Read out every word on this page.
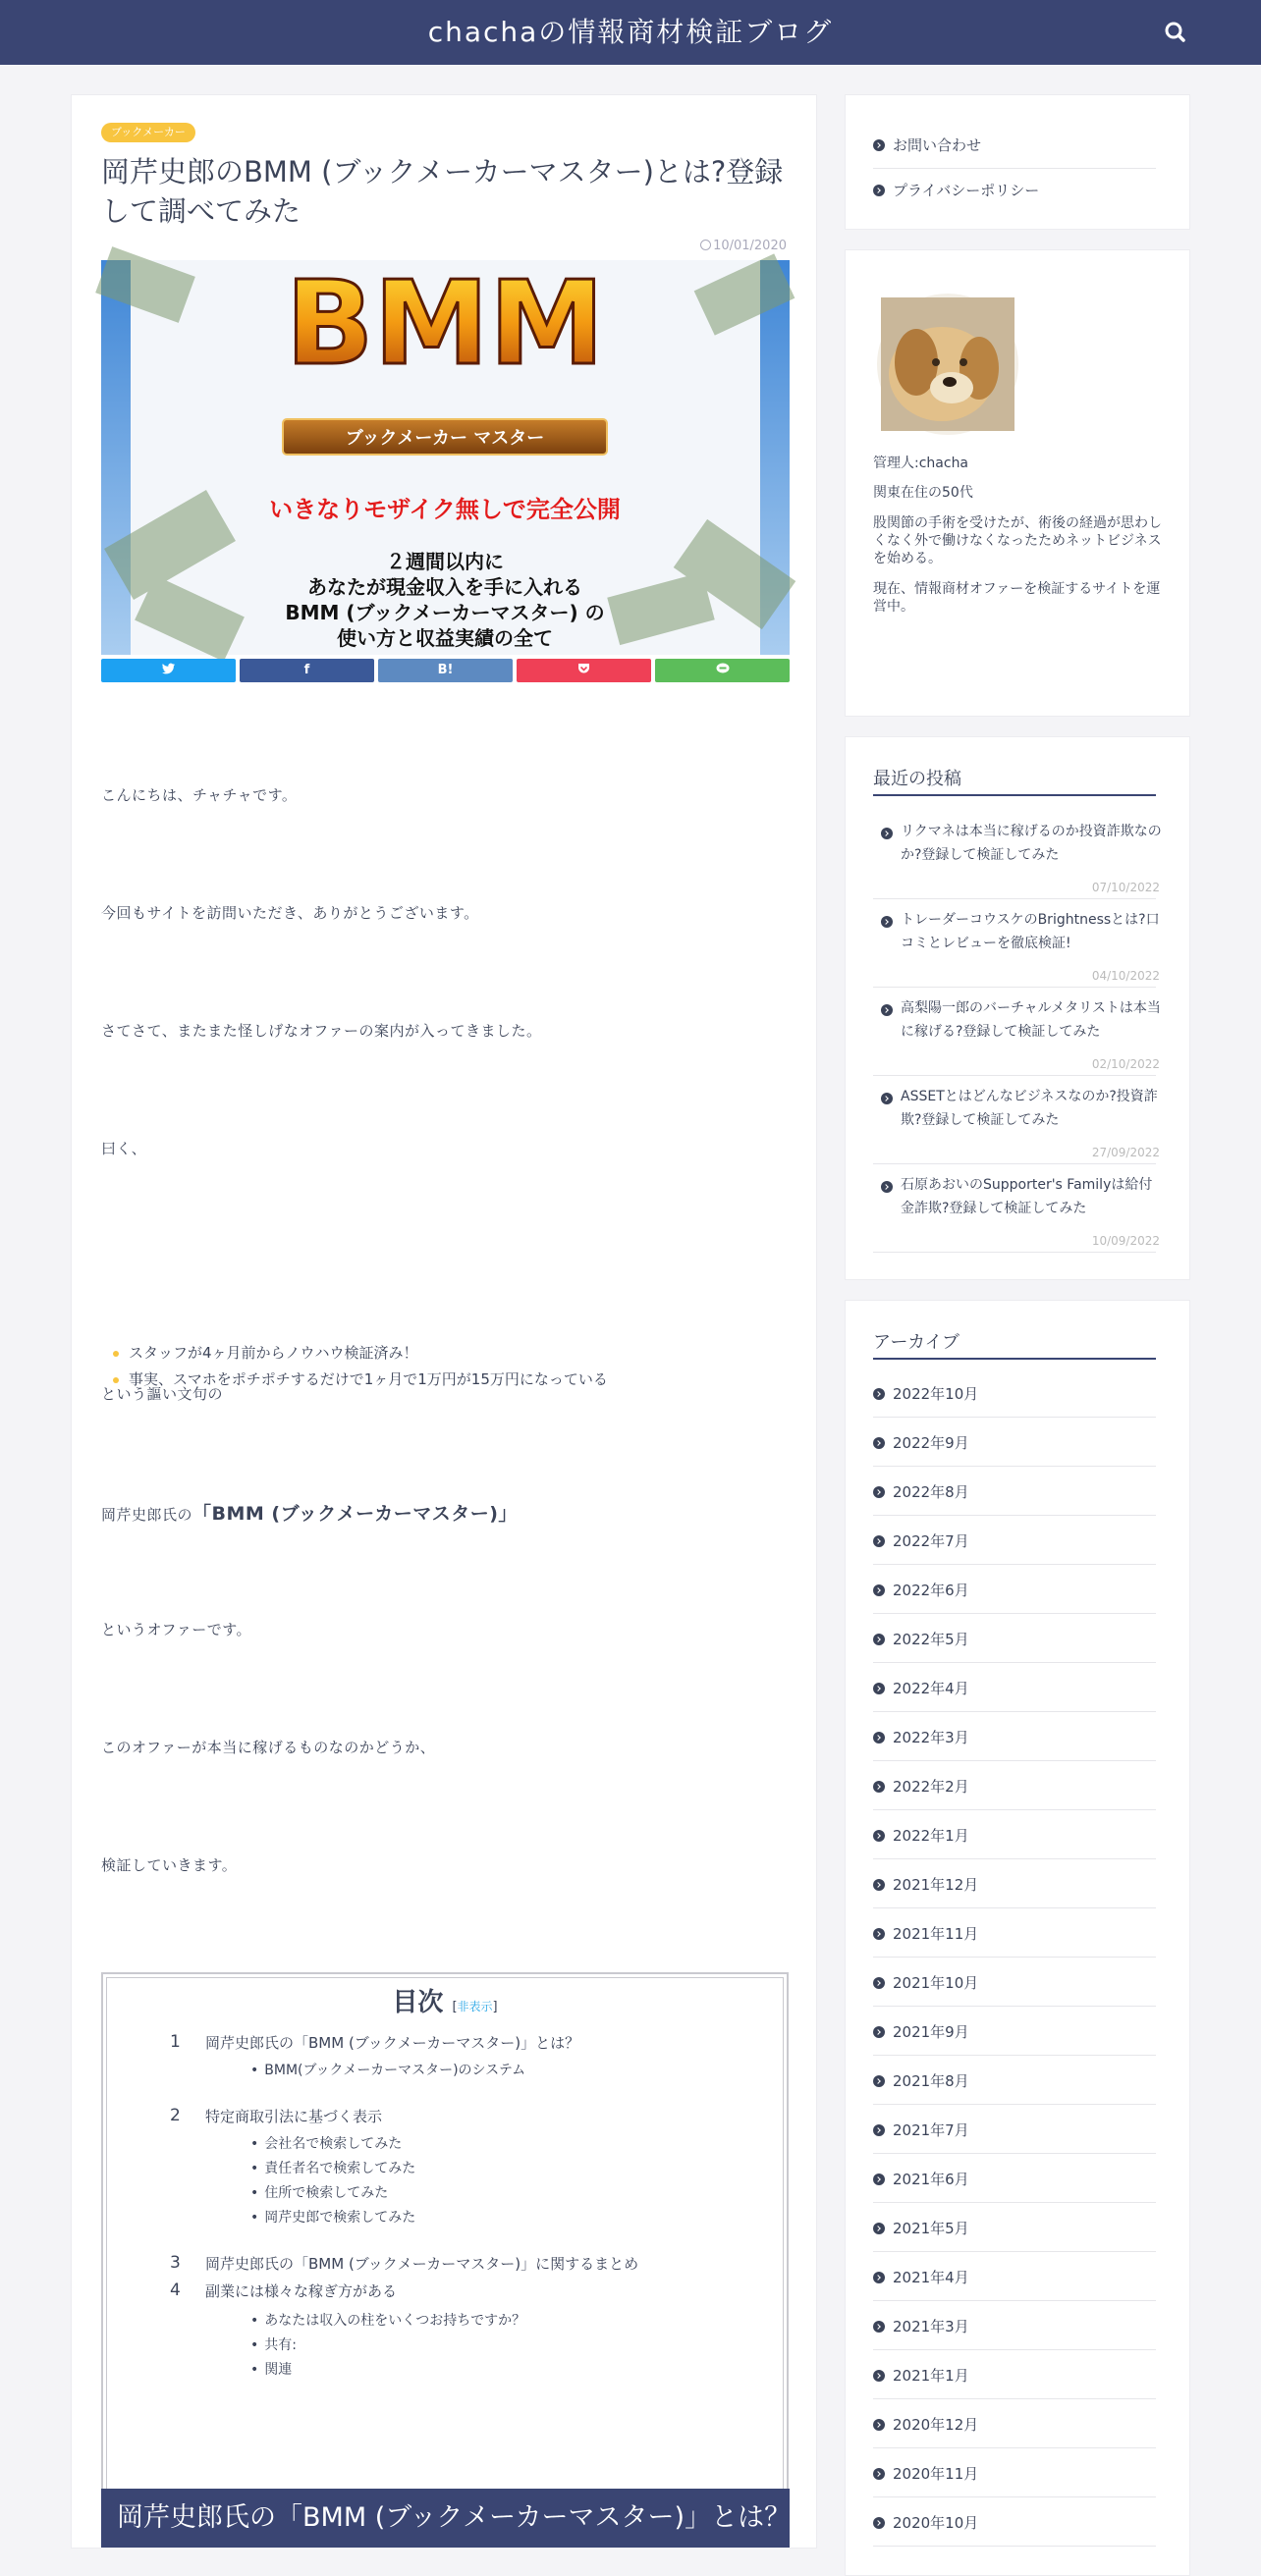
chachaの情報商材検証ブログ
ブックメーカー
岡芹史郎のBMM (ブックメーカーマスター)とは?登録して調べてみた
10/01/2020
BMM
ブックメーカー マスター
いきなりモザイク無しで完全公開
２週間以内に
あなたが現金収入を手に入れる
BMM (ブックメーカーマスター) の
使い方と収益実績の全て
f	B!

こんにちは、チャチャです。

今回もサイトを訪問いただき、ありがとうございます。

さてさて、またまた怪しげなオファーの案内が入ってきました。

曰く、

スタッフが4ヶ月前からノウハウ検証済み！
事実、スマホをポチポチするだけで1ヶ月で1万円が15万円になっている

という謳い文句の

岡芹史郎氏の「BMM (ブックメーカーマスター)」

というオファーです。

このオファーが本当に稼げるものなのかどうか、

検証していきます。

目次 [非表示]
1 岡芹史郎氏の「BMM (ブックメーカーマスター)」とは？
• BMM(ブックメーカーマスター)のシステム
2 特定商取引法に基づく表示
• 会社名で検索してみた
• 責任者名で検索してみた
• 住所で検索してみた
• 岡芹史郎で検索してみた
3 岡芹史郎氏の「BMM (ブックメーカーマスター)」に関するまとめ
4 副業には様々な稼ぎ方がある
• あなたは収入の柱をいくつお持ちですか？
• 共有:
• 関連
岡芹史郎氏の「BMM (ブックメーカーマスター)」とは？
お問い合わせ
プライバシーポリシー
管理人:chacha
関東在住の50代
股関節の手術を受けたが、術後の経過が思わしくなく外で働けなくなったためネットビジネスを始める。
現在、情報商材オファーを検証するサイトを運営中。
最近の投稿
リクマネは本当に稼げるのか投資詐欺なのか?登録して検証してみた
07/10/2022
トレーダーコウスケのBrightnessとは?口コミとレビューを徹底検証!
04/10/2022
高梨陽一郎のバーチャルメタリストは本当に稼げる?登録して検証してみた
02/10/2022
ASSETとはどんなビジネスなのか?投資詐欺?登録して検証してみた
27/09/2022
石原あおいのSupporter's Familyは給付金詐欺?登録して検証してみた
10/09/2022
アーカイブ
2022年10月
2022年9月
2022年8月
2022年7月
2022年6月
2022年5月
2022年4月
2022年3月
2022年2月
2022年1月
2021年12月
2021年11月
2021年10月
2021年9月
2021年8月
2021年7月
2021年6月
2021年5月
2021年4月
2021年3月
2021年1月
2020年12月
2020年11月
2020年10月
